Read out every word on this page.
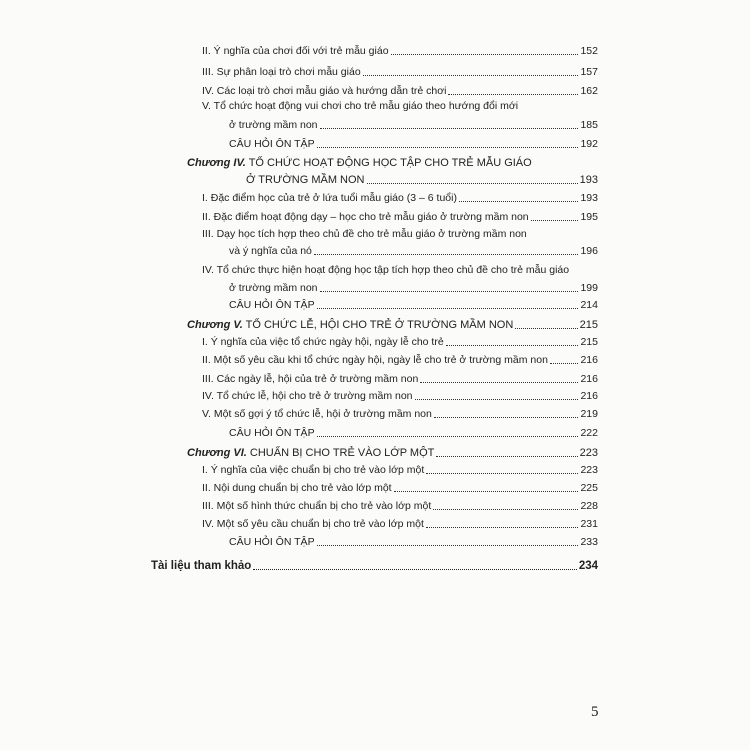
II. Ý nghĩa của chơi đối với trẻ mẫu giáo	152
III. Sự phân loại trò chơi mẫu giáo	157
IV. Các loại trò chơi mẫu giáo và hướng dẫn trẻ chơi	162
V. Tổ chức hoạt động vui chơi cho trẻ mẫu giáo theo hướng đổi mới
ở trường mầm non	185
CÂU HỎI ÔN TẬP	192
Chương IV. TỔ CHỨC HOẠT ĐỘNG HỌC TẬP CHO TRẺ MẪU GIÁO
Ở TRƯỜNG MẦM NON	193
I. Đặc điểm học của trẻ ở lứa tuổi mẫu giáo (3 – 6 tuổi)	193
II. Đặc điểm hoạt động dạy – học cho trẻ mẫu giáo ở trường mầm non	195
III. Dạy học tích hợp theo chủ đề cho trẻ mẫu giáo ở trường mầm non
và ý nghĩa của nó	196
IV. Tổ chức thực hiện hoạt động học tập tích hợp theo chủ đề cho trẻ mẫu giáo
ở trường mầm non	199
CÂU HỎI ÔN TẬP	214
Chương V. TỔ CHỨC LỄ, HỘI CHO TRẺ Ở TRƯỜNG MẦM NON	215
I. Ý nghĩa của việc tổ chức ngày hội, ngày lễ cho trẻ	215
II. Một số yêu cầu khi tổ chức ngày hội, ngày lễ cho trẻ ở trường mầm non	216
III. Các ngày lễ, hội của trẻ ở trường mầm non	216
IV. Tổ chức lễ, hội cho trẻ ở trường mầm non	216
V. Một số gợi ý tổ chức lễ, hội ở trường mầm non	219
CÂU HỎI ÔN TẬP	222
Chương VI. CHUẨN BỊ CHO TRẺ VÀO LỚP MỘT	223
I. Ý nghĩa của việc chuẩn bị cho trẻ vào lớp một	223
II. Nội dung chuẩn bị cho trẻ vào lớp một	225
III. Một số hình thức chuẩn bị cho trẻ vào lớp một	228
IV. Một số yêu cầu chuẩn bị cho trẻ vào lớp một	231
CÂU HỎI ÔN TẬP	233
Tài liệu tham khảo	234
5
